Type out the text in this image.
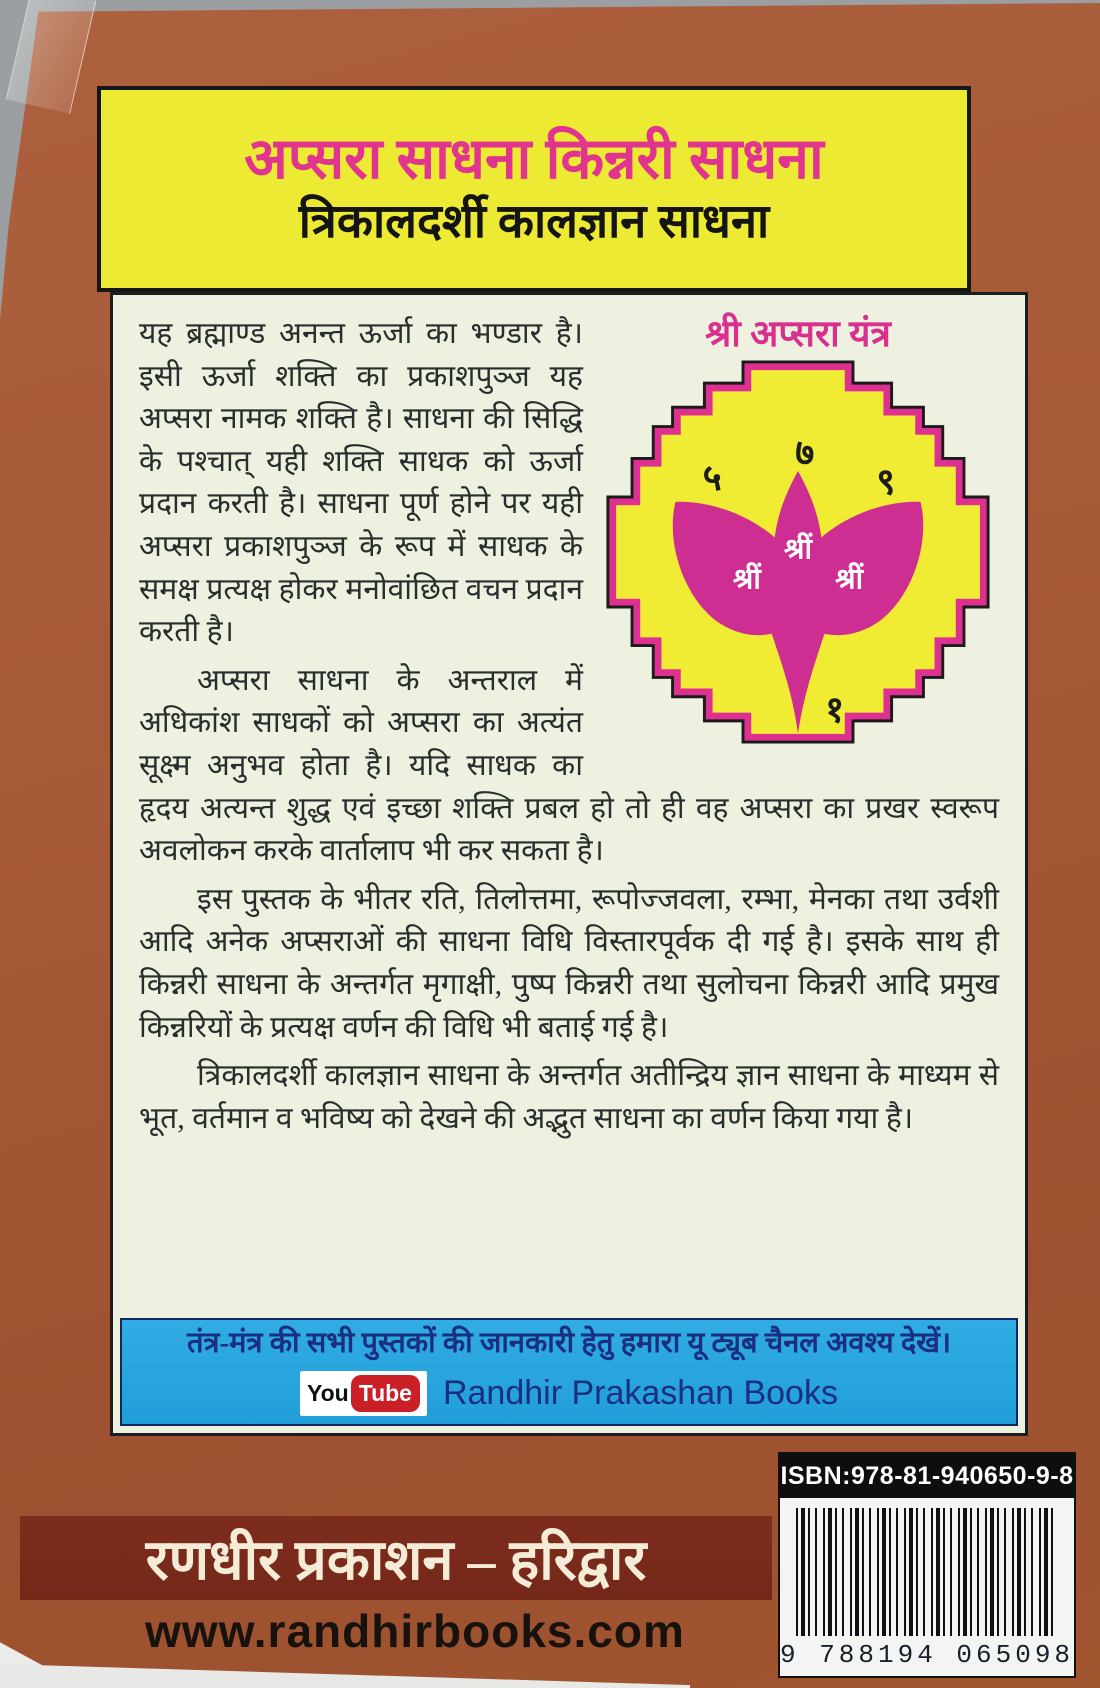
अप्सरा साधना किन्नरी साधना
त्रिकालदर्शी कालज्ञान साधना
श्री अप्सरा यंत्र
श्रीं
श्रीं
श्रीं
७
५	९
१

यह ब्रह्माण्ड अनन्त ऊर्जा का भण्डार है। इसी ऊर्जा शक्ति का प्रकाशपुञ्ज यह अप्सरा नामक शक्ति है। साधना की सिद्धि के पश्चात् यही शक्ति साधक को ऊर्जा प्रदान करती है। साधना पूर्ण होने पर यही अप्सरा प्रकाशपुञ्ज के रूप में साधक के समक्ष प्रत्यक्ष होकर मनोवांछित वचन प्रदान करती है।

अप्सरा साधना के अन्तराल में अधिकांश साधकों को अप्सरा का अत्यंत सूक्ष्म अनुभव होता है। यदि साधक का हृदय अत्यन्त शुद्ध एवं इच्छा शक्ति प्रबल हो तो ही वह अप्सरा का प्रखर स्वरूप अवलोकन करके वार्तालाप भी कर सकता है।

इस पुस्तक के भीतर रति, तिलोत्तमा, रूपोज्जवला, रम्भा, मेनका तथा उर्वशी आदि अनेक अप्सराओं की साधना विधि विस्तारपूर्वक दी गई है। इसके साथ ही किन्नरी साधना के अन्तर्गत मृगाक्षी, पुष्प किन्नरी तथा सुलोचना किन्नरी आदि प्रमुख किन्नरियों के प्रत्यक्ष वर्णन की विधि भी बताई गई है।

त्रिकालदर्शी कालज्ञान साधना के अन्तर्गत अतीन्द्रिय ज्ञान साधना के माध्यम से भूत, वर्तमान व भविष्य को देखने की अद्भुत साधना का वर्णन किया गया है।

तंत्र-मंत्र की सभी पुस्तकों की जानकारी हेतु हमारा यू ट्यूब चैनल अवश्य देखें।
You Tube Randhir Prakashan Books
ISBN:978-81-940650-9-8
9 788194 065098
रणधीर प्रकाशन – हरिद्वार
www.randhirbooks.com
